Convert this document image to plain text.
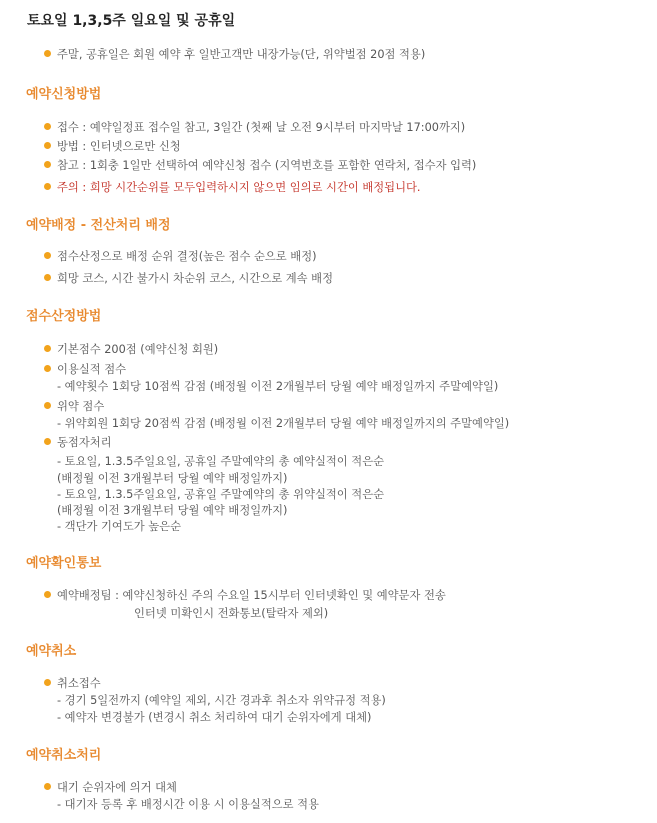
토요일 1,3,5주 일요일 및 공휴일
주말, 공휴일은 회원 예약 후 일반고객만 내장가능(단, 위약벌점 20점 적용)
예약신청방법
접수 : 예약일정표 접수일 참고, 3일간 (첫째 날 오전 9시부터 마지막날 17:00까지)
방법 : 인터넷으로만 신청
참고 : 1회충 1일만 선택하여 예약신청 접수 (지역번호를 포함한 연락처, 접수자 입력)
주의 : 희망 시간순위를 모두입력하시지 않으면 임의로 시간이 배정됩니다.
예약배정 - 전산처리 배정
점수산정으로 배정 순위 결정(높은 점수 순으로 배정)
희망 코스, 시간 불가시 차순위 코스, 시간으로 계속 배정
점수산정방법
기본점수 200점 (예약신청 회원)
이용실적 점수
- 예약횟수 1회당 10점씩 감점 (배정월 이전 2개월부터 당월 예약 배정일까지 주말예약일)
위약 점수
- 위약회원 1회당 20점씩 감점 (배정월 이전 2개월부터 당월 예약 배정일까지의 주말예약일)
동점자처리
- 토요일, 1.3.5주일요일, 공휴일 주말예약의 총 예약실적이 적은순
(배정월 이전 3개월부터 당월 예약 배정일까지)
- 토요일, 1.3.5주일요일, 공휴일 주말예약의 총 위약실적이 적은순
(배정월 이전 3개월부터 당월 예약 배정일까지)
- 객단가 기여도가 높은순
예약확인통보
예약배정팀 : 예약신청하신 주의 수요일 15시부터 인터넷확인 및 예약문자 전송
인터넷 미확인시 전화통보(탈락자 제외)
예약취소
취소접수
- 경기 5일전까지 (예약일 제외, 시간 경과후 취소자 위약규정 적용)
- 예약자 변경불가 (변경시 취소 처리하여 대기 순위자에게 대체)
예약취소처리
대기 순위자에 의거 대체
- 대기자 등록 후 배정시간 이용 시 이용실적으로 적용
